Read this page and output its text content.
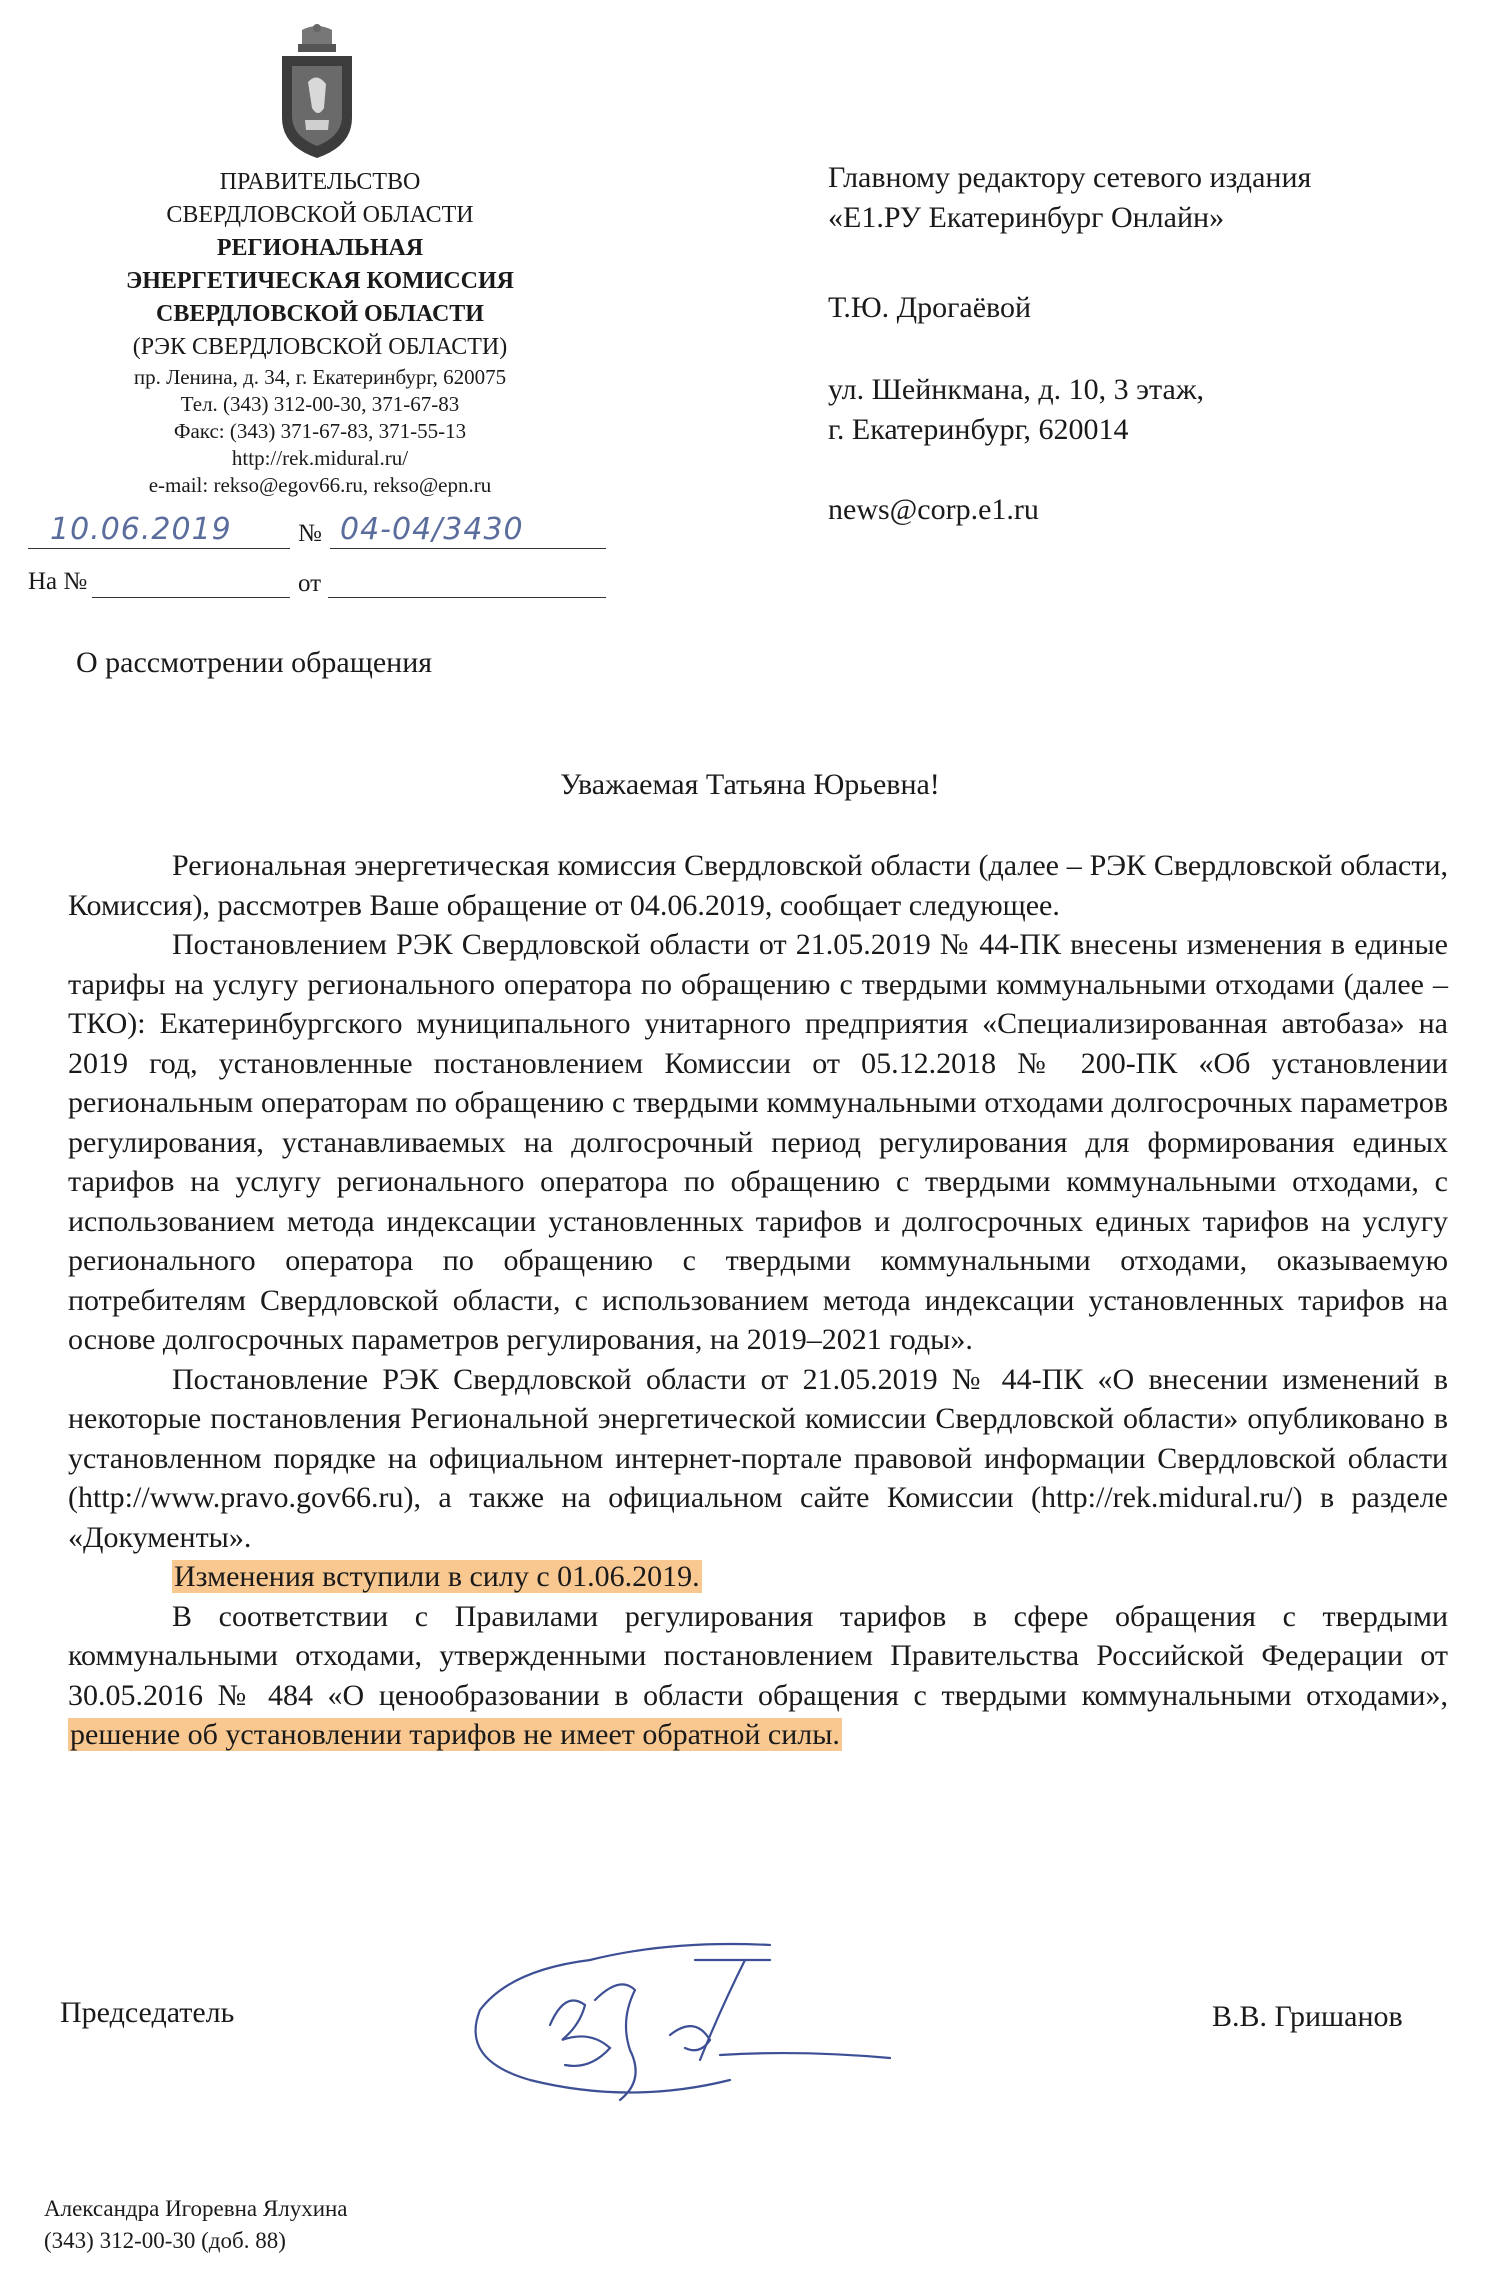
ПРАВИТЕЛЬСТВО
СВЕРДЛОВСКОЙ ОБЛАСТИ
РЕГИОНАЛЬНАЯ
ЭНЕРГЕТИЧЕСКАЯ КОМИССИЯ
СВЕРДЛОВСКОЙ ОБЛАСТИ
(РЭК СВЕРДЛОВСКОЙ ОБЛАСТИ)
пр. Ленина, д. 34, г. Екатеринбург, 620075
Тел. (343) 312-00-30, 371-67-83
Факс: (343) 371-67-83, 371-55-13
http://rek.midural.ru/
e-mail: rekso@egov66.ru, rekso@epn.ru
10.06.2019	№ 04-04/3430
На №	от
Главному редактору сетевого издания
«E1.РУ Екатеринбург Онлайн»
Т.Ю. Дрогаёвой
ул. Шейнкмана, д. 10, 3 этаж,
г. Екатеринбург, 620014
news@corp.e1.ru
О рассмотрении обращения
Уважаемая Татьяна Юрьевна!

Региональная энергетическая комиссия Свердловской области (далее – РЭК Свердловской области, Комиссия), рассмотрев Ваше обращение от 04.06.2019, сообщает следующее.

Постановлением РЭК Свердловской области от 21.05.2019 № 44-ПК внесены изменения в единые тарифы на услугу регионального оператора по обращению с твердыми коммунальными отходами (далее – ТКО): Екатеринбургского муниципального унитарного предприятия «Специализированная автобаза» на 2019 год, установленные постановлением Комиссии от 05.12.2018 № 200-ПК «Об установлении региональным операторам по обращению с твердыми коммунальными отходами долгосрочных параметров регулирования, устанавливаемых на долгосрочный период регулирования для формирования единых тарифов на услугу регионального оператора по обращению с твердыми коммунальными отходами, с использованием метода индексации установленных тарифов и долгосрочных единых тарифов на услугу регионального оператора по обращению с твердыми коммунальными отходами, оказываемую потребителям Свердловской области, с использованием метода индексации установленных тарифов на основе долгосрочных параметров регулирования, на 2019–2021 годы».

Постановление РЭК Свердловской области от 21.05.2019 № 44-ПК «О внесении изменений в некоторые постановления Региональной энергетической комиссии Свердловской области» опубликовано в установленном порядке на официальном интернет-портале правовой информации Свердловской области (http://www.pravo.gov66.ru), а также на официальном сайте Комиссии (http://rek.midural.ru/) в разделе «Документы».

Изменения вступили в силу с 01.06.2019.

В соответствии с Правилами регулирования тарифов в сфере обращения с твердыми коммунальными отходами, утвержденными постановлением Правительства Российской Федерации от 30.05.2016 № 484 «О ценообразовании в области обращения с твердыми коммунальными отходами», решение об установлении тарифов не имеет обратной силы.

Председатель	В.В. Гришанов
Александра Игоревна Ялухина
(343) 312-00-30 (доб. 88)
